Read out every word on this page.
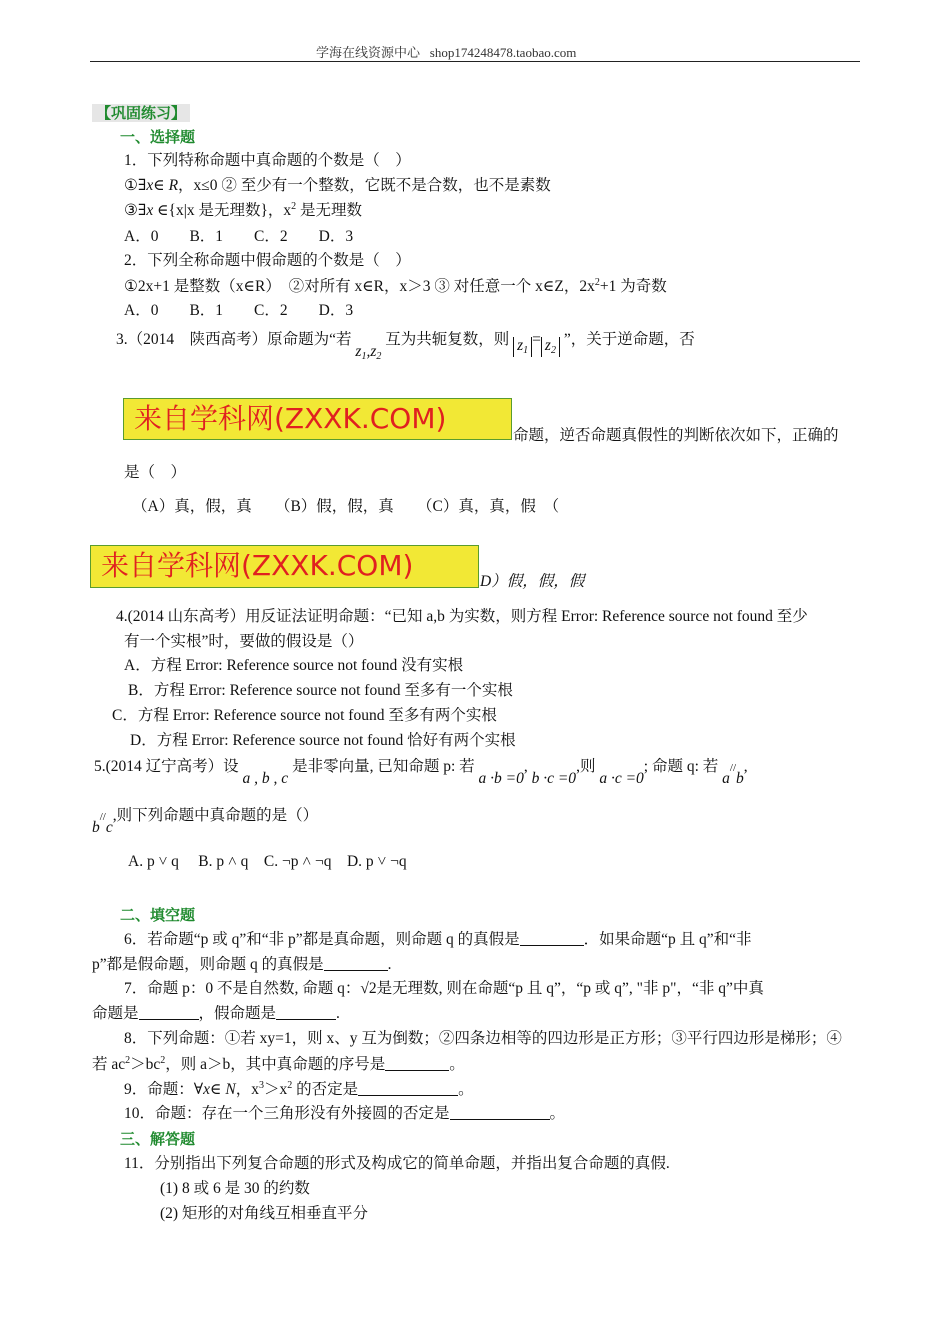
学海在线资源中心 shop174248478.taobao.com
【巩固练习】
一、选择题
1．下列特称命题中真命题的个数是（　）
①∃x∈ R，x≤0 ② 至少有一个整数，它既不是合数，也不是素数
③∃x ∈{x|x 是无理数}，$x^2$ 是无理数
A．0　　B．1　　C．2　　D．3
2．下列全称命题中假命题的个数是（　）
①2x+1 是整数（x∈R）　②对所有 x∈R，x＞3 ③ 对任意一个 x∈Z，$2x^2+1$ 为奇数
A．0　　B．1　　C．2　　D．3
3.（2014　陕西高考）原命题为“若 $z_1,z_2$ 互为共轭复数，则 $z_1= z_2$ ”，关于逆命题，否
来自学科网(ZXXK.COM)
命题，逆否命题真假性的判断依次如下，正确的
是（　）
（A）真，假，真　　（B）假，假，真　　（C）真，真，假　（
来自学科网(ZXXK.COM)	D）假，假，假
4.(2014 山东高考）用反证法证明命题：“已知 a,b 为实数，则方程 Error: Reference source not found 至少
有一个实根”时，要做的假设是（）
A．方程 Error: Reference source not found 没有实根
B．方程 Error: Reference source not found 至多有一个实根
C．方程 Error: Reference source not found 至多有两个实根
D．方程 Error: Reference source not found 恰好有两个实根
5.(2014 辽宁高考）设 a , b , c 是非零向量, 已知命题 p: 若 a ·b =0, b ·c =0,则 a ·c =0; 命题 q: 若 a//b,
b//c,则下列命题中真命题的是（）
A. p ˅ q　 B. p ˄ q　C. ¬p ˄ ¬q　D. p ˅ ¬q
二、填空题
6．若命题“p 或 q”和“非 p”都是真命题，则命题 q 的真假是	．如果命题“p 且 q”和“非
p”都是假命题，则命题 q 的真假是	.
7．命题 p：0 不是自然数, 命题 q：√2是无理数, 则在命题“p 且 q”，“p 或 q”, "非 p"，“非 q”中真
命题是	，假命题是	.
8．下列命题：①若 xy=1，则 x、y 互为倒数；②四条边相等的四边形是正方形；③平行四边形是梯形；④
若 $ac^2>bc^2$，则 a＞b，其中真命题的序号是	。
9．命题：∀x∈ N，$x^3>x^2$ 的否定是	。
10．命题：存在一个三角形没有外接圆的否定是	。
三、解答题
11．分别指出下列复合命题的形式及构成它的简单命题，并指出复合命题的真假.
(1) 8 或 6 是 30 的约数
(2) 矩形的对角线互相垂直平分
